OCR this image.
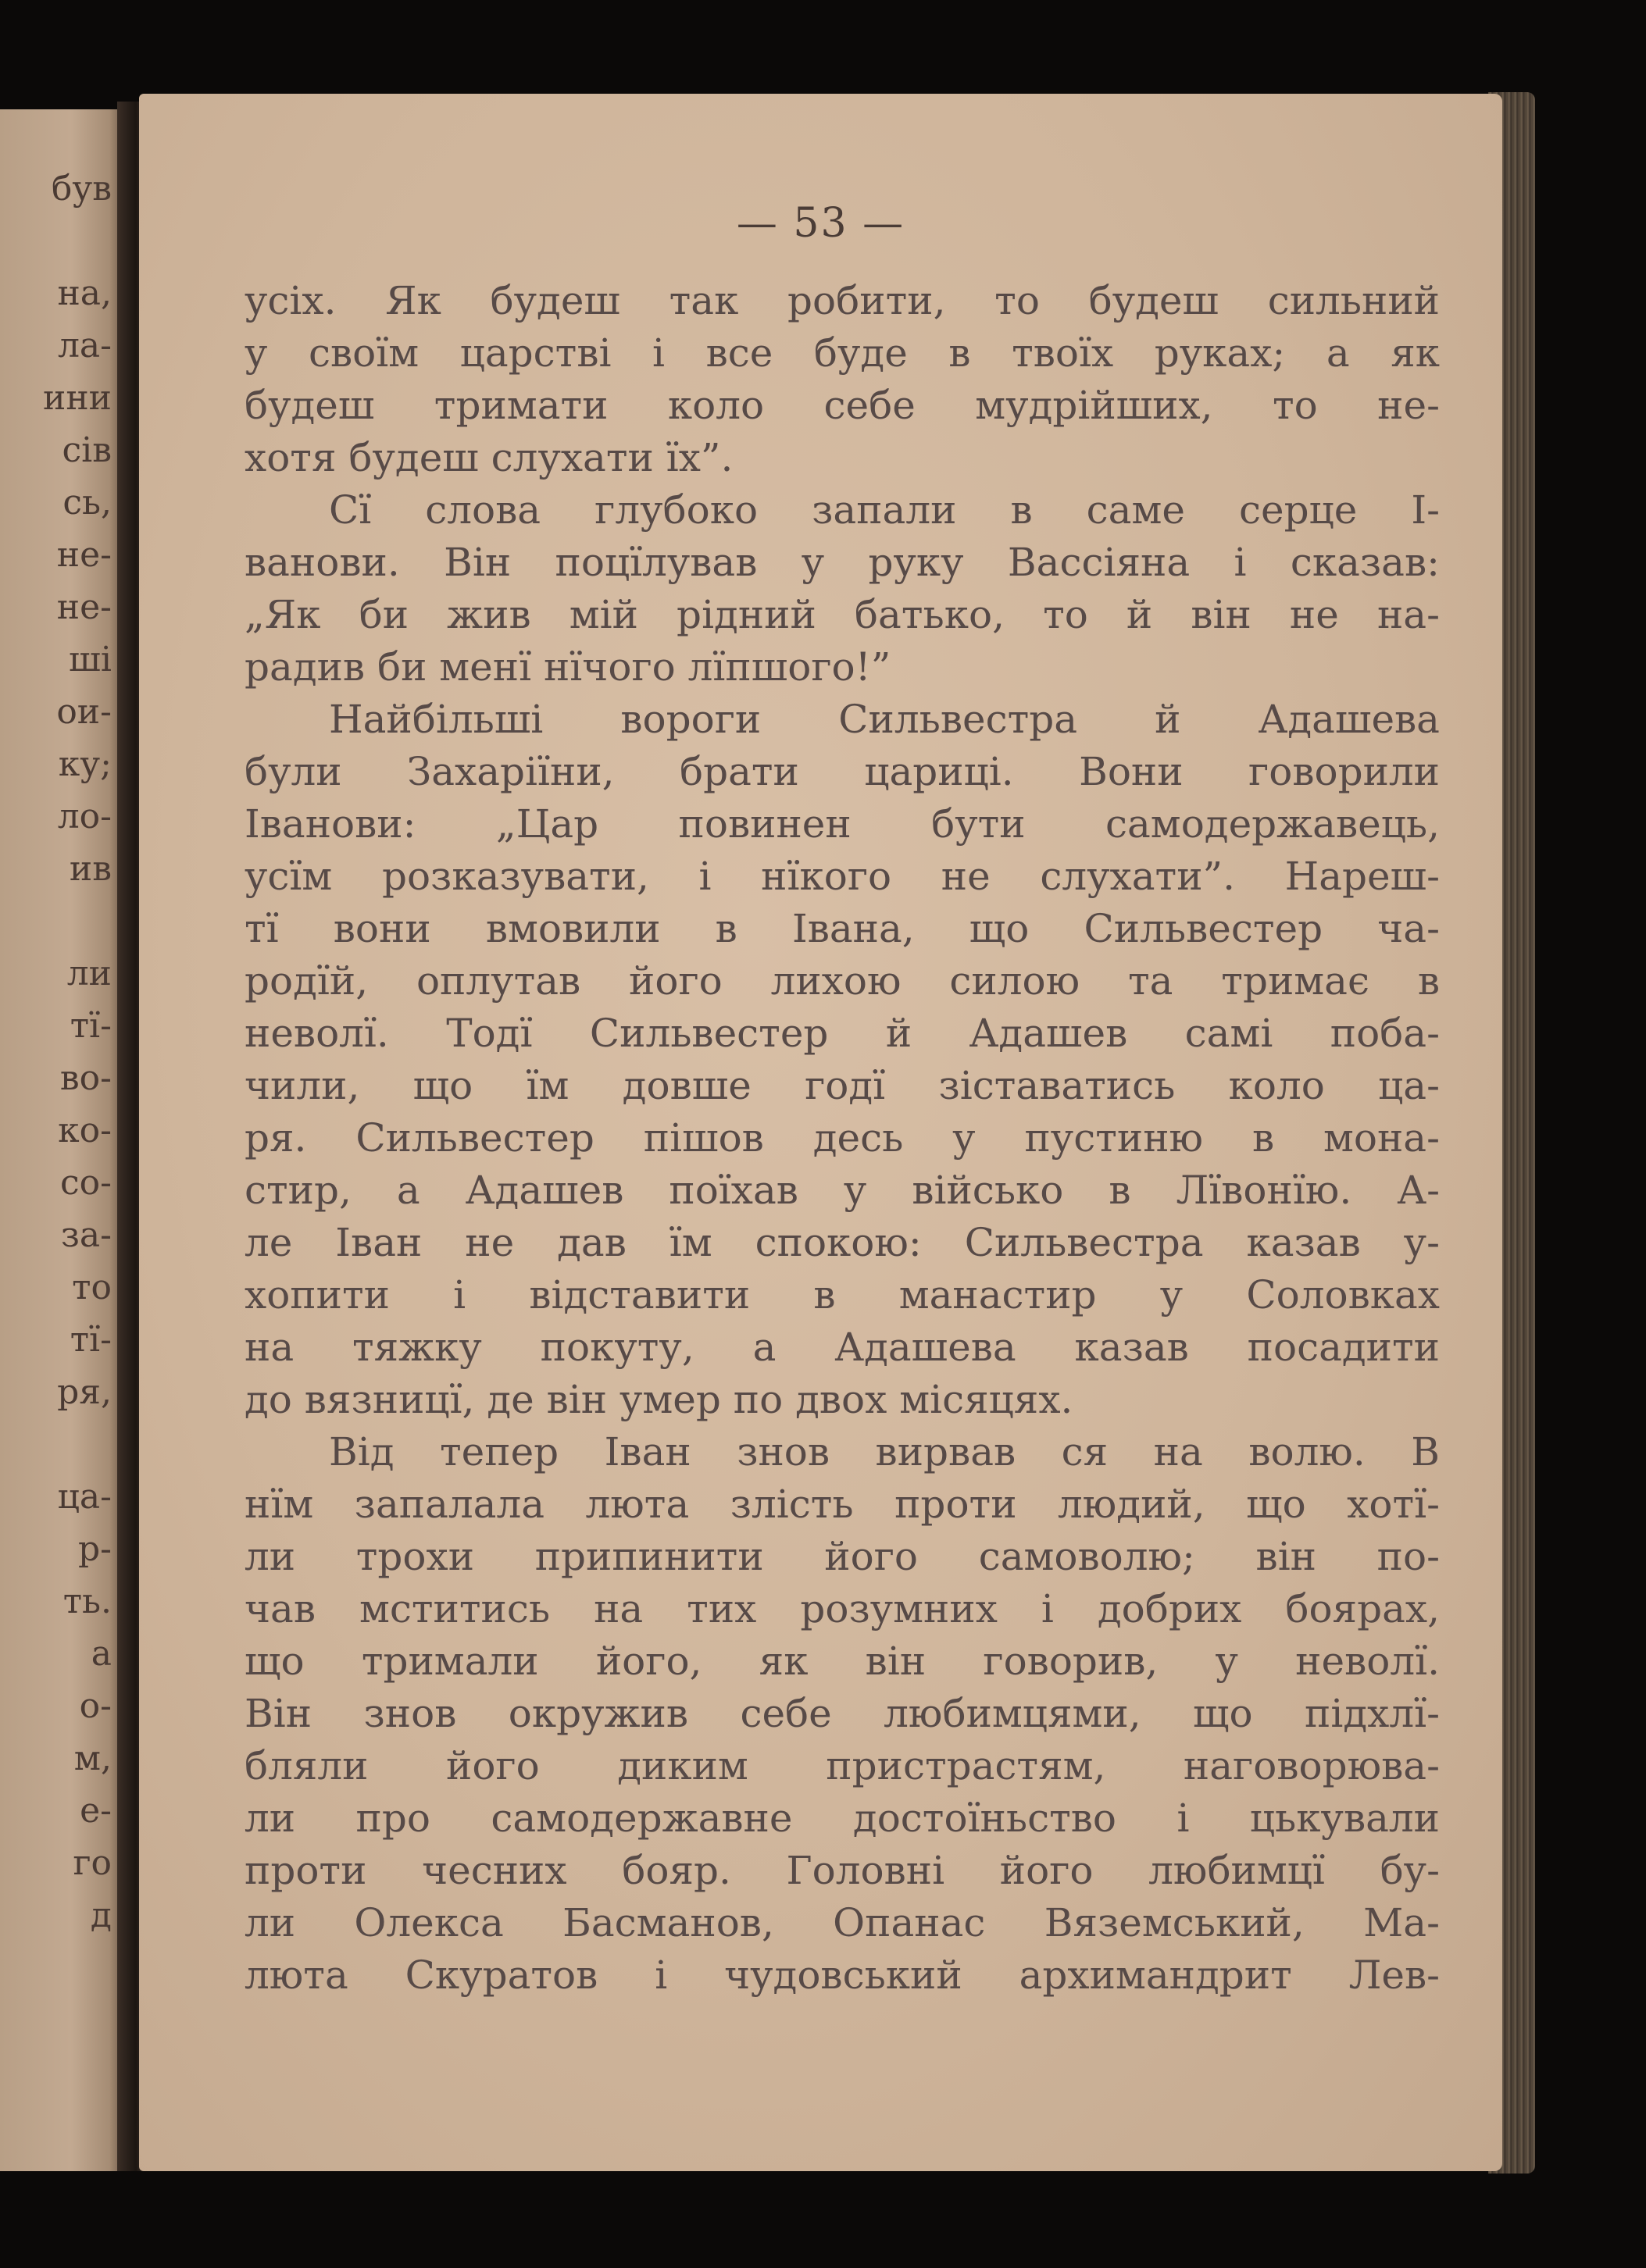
був
на,
ла-
ини
сів
сь,
не-
не-
ші
ои-
ку;
ло-
ив
ли
тї-
во-
ко-
со-
за-
то
тї-
ря,
ца-
р-
ть.
а
о-
м,
е-
го
д
— 53 —
усіх. Як будеш так робити, то будеш сильний
у своїм царстві і все буде в твоїх руках; а як
будеш тримати коло себе мудрійших, то не-
хотя будеш слухати їх”.
Сї слова глубоко запали в саме серце І-
ванови. Він поцїлував у руку Вассіяна і сказав:
„Як би жив мій рідний батько, то й він не на-
радив би менї нїчого лїпшого!”
Найбільші вороги Сильвестра й Адашева
були Захаріїни, брати цариці. Вони говорили
Іванови: „Цар повинен бути самодержавець,
усїм розказувати, і нїкого не слухати”. Нареш-
тї вони вмовили в Івана, що Сильвестер ча-
родїй, оплутав його лихою силою та тримає в
неволї. Тодї Сильвестер й Адашев самі поба-
чили, що їм довше годї зіставатись коло ца-
ря. Сильвестер пішов десь у пустиню в мона-
стир, а Адашев поїхав у військо в Лївонїю. А-
ле Іван не дав їм спокою: Сильвестра казав у-
хопити і відставити в манастир у Соловках
на тяжку покуту, а Адашева казав посадити
до вязницї, де він умер по двох місяцях.
Від тепер Іван знов вирвав ся на волю. В
нїм запалала люта злість проти людий, що хотї-
ли трохи припинити його самоволю; він по-
чав мститись на тих розумних і добрих боярах,
що тримали його, як він говорив, у неволї.
Він знов окружив себе любимцями, що підхлї-
бляли його диким пристрастям, наговорюва-
ли про самодержавне достоїньство і цькували
проти чесних бояр. Головні його любимцї бу-
ли Олекса Басманов, Опанас Вяземський, Ма-
люта Скуратов і чудовський архимандрит Лев-
